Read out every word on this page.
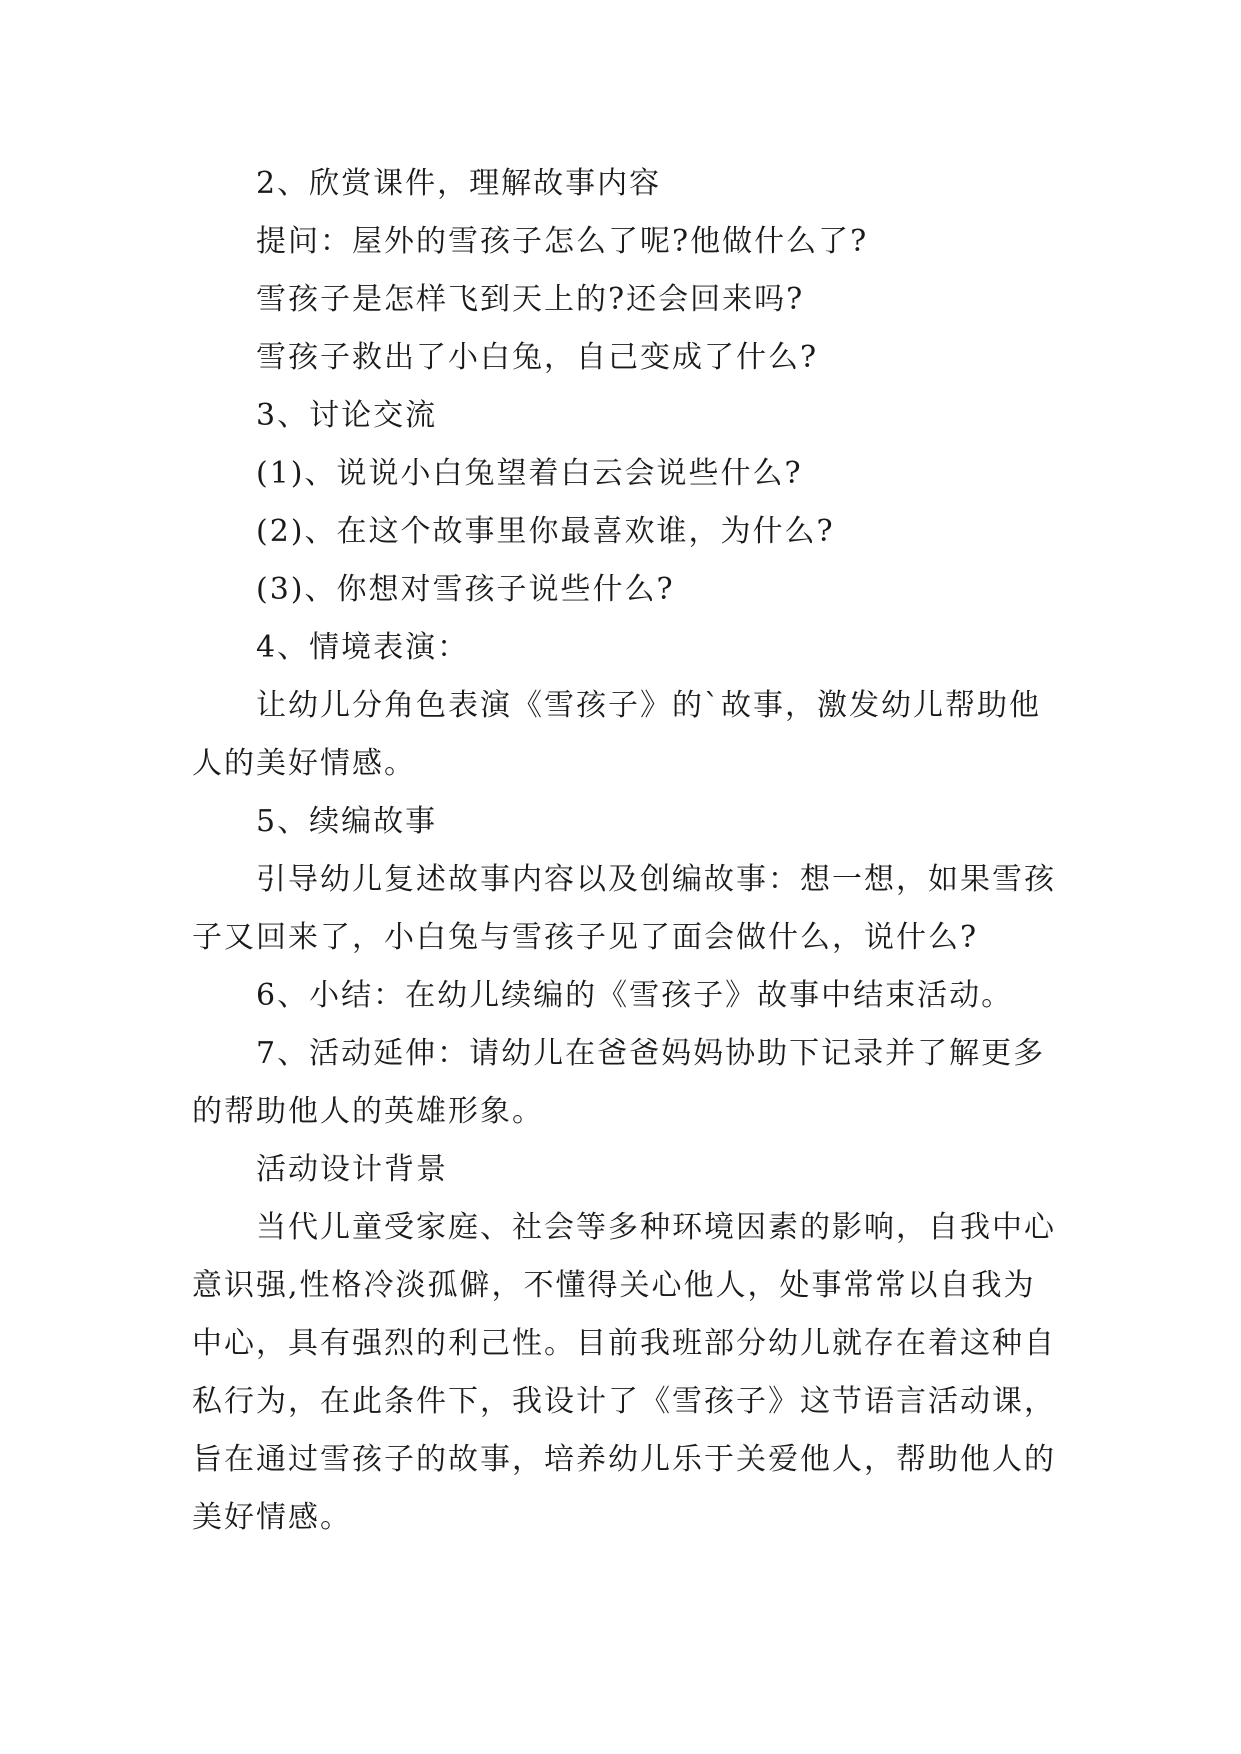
2、欣赏课件，理解故事内容

提问：屋外的雪孩子怎么了呢?他做什么了?

雪孩子是怎样飞到天上的?还会回来吗?

雪孩子救出了小白兔，自己变成了什么?

3、讨论交流

(1)、说说小白兔望着白云会说些什么?

(2)、在这个故事里你最喜欢谁，为什么?

(3)、你想对雪孩子说些什么?

4、情境表演：

让幼儿分角色表演《雪孩子》的`故事，激发幼儿帮助他人的美好情感。

5、续编故事

引导幼儿复述故事内容以及创编故事：想一想，如果雪孩子又回来了，小白兔与雪孩子见了面会做什么，说什么?

6、小结：在幼儿续编的《雪孩子》故事中结束活动。

7、活动延伸：请幼儿在爸爸妈妈协助下记录并了解更多的帮助他人的英雄形象。

活动设计背景

当代儿童受家庭、社会等多种环境因素的影响，自我中心意识强,性格冷淡孤僻，不懂得关心他人，处事常常以自我为中心，具有强烈的利己性。目前我班部分幼儿就存在着这种自私行为，在此条件下，我设计了《雪孩子》这节语言活动课，旨在通过雪孩子的故事，培养幼儿乐于关爱他人，帮助他人的美好情感。
